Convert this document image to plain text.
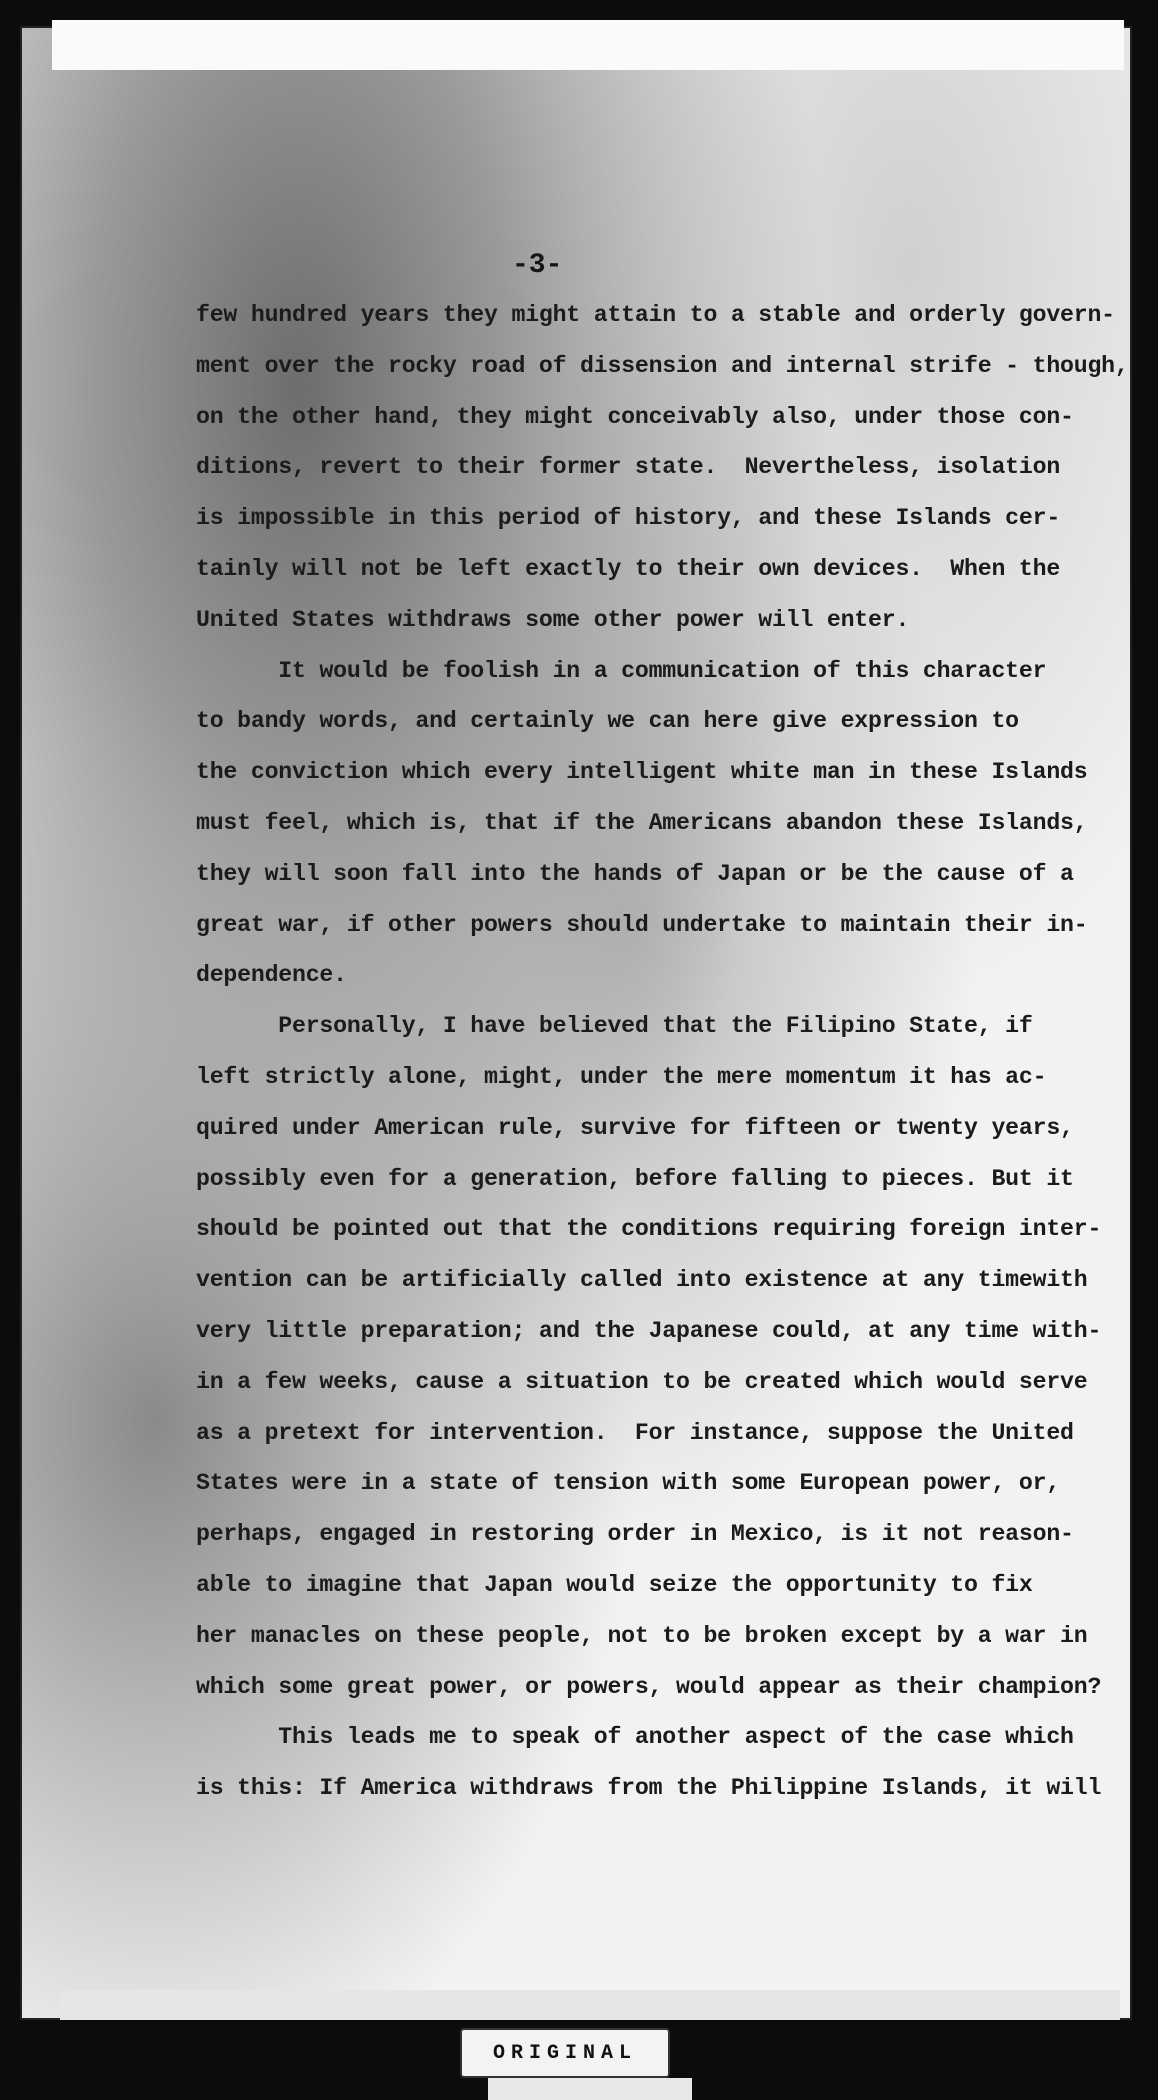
-3-
few hundred years they might attain to a stable and orderly govern-
ment over the rocky road of dissension and internal strife - though,
on the other hand, they might conceivably also, under those con-
ditions, revert to their former state.  Nevertheless, isolation
is impossible in this period of history, and these Islands cer-
tainly will not be left exactly to their own devices.  When the
United States withdraws some other power will enter.
It would be foolish in a communication of this character
to bandy words, and certainly we can here give expression to
the conviction which every intelligent white man in these Islands
must feel, which is, that if the Americans abandon these Islands,
they will soon fall into the hands of Japan or be the cause of a
great war, if other powers should undertake to maintain their in-
dependence.
Personally, I have believed that the Filipino State, if
left strictly alone, might, under the mere momentum it has ac-
quired under American rule, survive for fifteen or twenty years,
possibly even for a generation, before falling to pieces. But it
should be pointed out that the conditions requiring foreign inter-
vention can be artificially called into existence at any timewith
very little preparation; and the Japanese could, at any time with-
in a few weeks, cause a situation to be created which would serve
as a pretext for intervention.  For instance, suppose the United
States were in a state of tension with some European power, or,
perhaps, engaged in restoring order in Mexico, is it not reason-
able to imagine that Japan would seize the opportunity to fix
her manacles on these people, not to be broken except by a war in
which some great power, or powers, would appear as their champion?
This leads me to speak of another aspect of the case which
is this: If America withdraws from the Philippine Islands, it will
ORIGINAL
